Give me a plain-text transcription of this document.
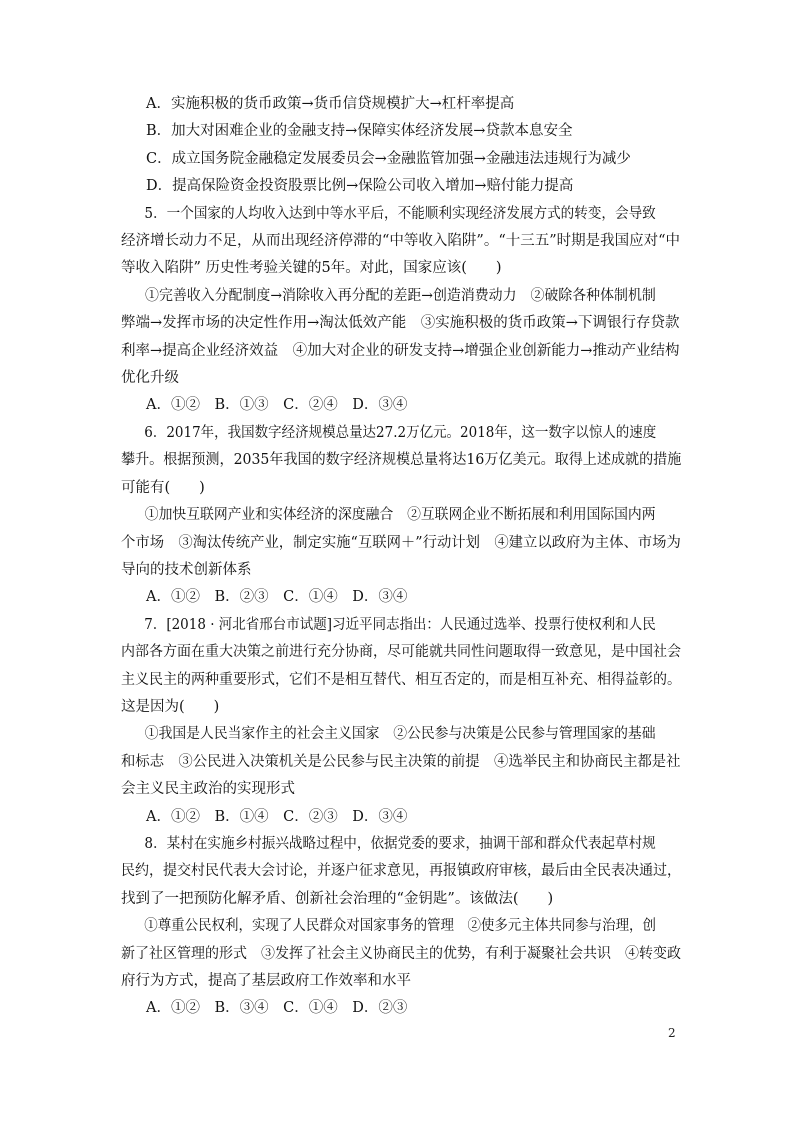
A．实施积极的货币政策→货币信贷规模扩大→杠杆率提高
B．加大对困难企业的金融支持→保障实体经济发展→贷款本息安全
C．成立国务院金融稳定发展委员会→金融监管加强→金融违法违规行为减少
D．提高保险资金投资股票比例→保险公司收入增加→赔付能力提高
5．一个国家的人均收入达到中等水平后，不能顺利实现经济发展方式的转变，会导致
经济增长动力不足，从而出现经济停滞的“中等收入陷阱”。“十三五”时期是我国应对“中
等收入陷阱” 历史性考验关键的5年。对此，国家应该(　　)
①完善收入分配制度→消除收入再分配的差距→创造消费动力　②破除各种体制机制
弊端→发挥市场的决定性作用→淘汰低效产能　③实施积极的货币政策→下调银行存贷款
利率→提高企业经济效益　④加大对企业的研发支持→增强企业创新能力→推动产业结构
优化升级
A．①②　B．①③　C．②④　D．③④
6．2017年，我国数字经济规模总量达27.2万亿元。2018年，这一数字以惊人的速度
攀升。根据预测，2035年我国的数字经济规模总量将达16万亿美元。取得上述成就的措施
可能有(　　)
①加快互联网产业和实体经济的深度融合　②互联网企业不断拓展和利用国际国内两
个市场　③淘汰传统产业，制定实施“互联网＋”行动计划　④建立以政府为主体、市场为
导向的技术创新体系
A．①②　B．②③　C．①④　D．③④
7．[2018 · 河北省邢台市试题]习近平同志指出：人民通过选举、投票行使权利和人民
内部各方面在重大决策之前进行充分协商，尽可能就共同性问题取得一致意见，是中国社会
主义民主的两种重要形式，它们不是相互替代、相互否定的，而是相互补充、相得益彰的。
这是因为(　　)
①我国是人民当家作主的社会主义国家　②公民参与决策是公民参与管理国家的基础
和标志　③公民进入决策机关是公民参与民主决策的前提　④选举民主和协商民主都是社
会主义民主政治的实现形式
A．①②　B．①④　C．②③　D．③④
8．某村在实施乡村振兴战略过程中，依据党委的要求，抽调干部和群众代表起草村规
民约，提交村民代表大会讨论，并逐户征求意见，再报镇政府审核，最后由全民表决通过，
找到了一把预防化解矛盾、创新社会治理的“金钥匙”。该做法(　　)
①尊重公民权利，实现了人民群众对国家事务的管理　②使多元主体共同参与治理，创
新了社区管理的形式　③发挥了社会主义协商民主的优势，有利于凝聚社会共识　④转变政
府行为方式，提高了基层政府工作效率和水平
A．①②　B．③④　C．①④　D．②③
2
